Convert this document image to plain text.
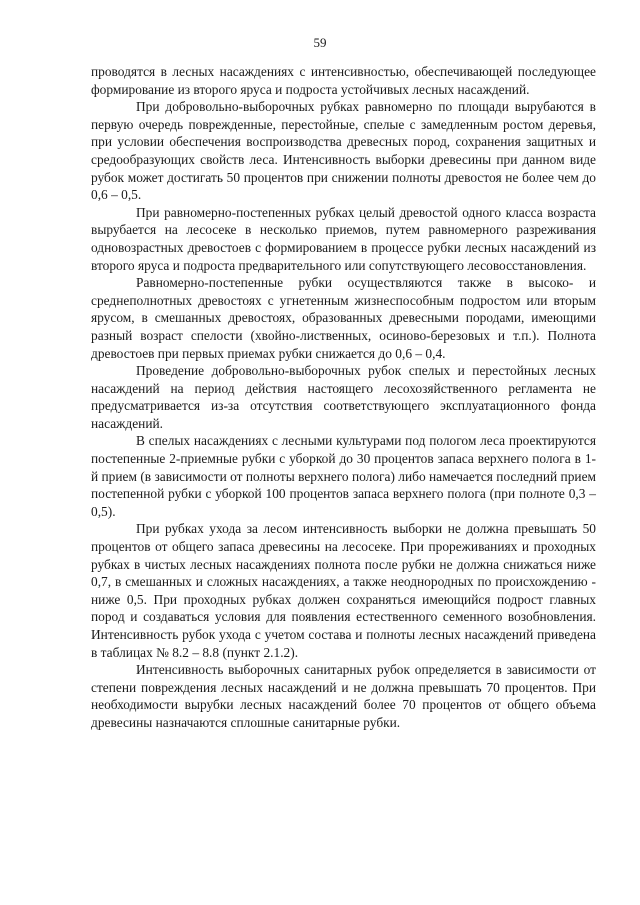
59

проводятся в лесных насаждениях с интенсивностью, обеспечивающей последующее формирование из второго яруса и подроста устойчивых лесных насаждений.

При добровольно-выборочных рубках равномерно по площади вырубаются в первую очередь поврежденные, перестойные, спелые с замедленным ростом деревья, при условии обеспечения воспроизводства древесных пород, сохранения защитных и средообразующих свойств леса. Интенсивность выборки древесины при данном виде рубок может достигать 50 процентов при снижении полноты древостоя не более чем до 0,6 – 0,5.

При равномерно-постепенных рубках целый древостой одного класса возраста вырубается на лесосеке в несколько приемов, путем равномерного разреживания одновозрастных древостоев с формированием в процессе рубки лесных насаждений из второго яруса и подроста предварительного или сопутствующего лесовосстановления.

Равномерно-постепенные рубки осуществляются также в высоко- и среднеполнотных древостоях с угнетенным жизнеспособным подростом или вторым ярусом, в смешанных древостоях, образованных древесными породами, имеющими разный возраст спелости (хвойно-лиственных, осиново-березовых и т.п.). Полнота древостоев при первых приемах рубки снижается до 0,6 – 0,4.

Проведение добровольно-выборочных рубок спелых и перестойных лесных насаждений на период действия настоящего лесохозяйственного регламента не предусматривается из-за отсутствия соответствующего эксплуатационного фонда насаждений.

В спелых насаждениях с лесными культурами под пологом леса проектируются постепенные 2-приемные рубки с уборкой до 30 процентов запаса верхнего полога в 1-й прием (в зависимости от полноты верхнего полога) либо намечается последний прием постепенной рубки с уборкой 100 процентов запаса верхнего полога (при полноте 0,3 – 0,5).

При рубках ухода за лесом интенсивность выборки не должна превышать 50 процентов от общего запаса древесины на лесосеке. При прореживаниях и проходных рубках в чистых лесных насаждениях полнота после рубки не должна снижаться ниже 0,7, в смешанных и сложных насаждениях, а также неоднородных по происхождению - ниже 0,5. При проходных рубках должен сохраняться имеющийся подрост главных пород и создаваться условия для появления естественного семенного возобновления. Интенсивность рубок ухода с учетом состава и полноты лесных насаждений приведена в таблицах № 8.2 – 8.8 (пункт 2.1.2).

Интенсивность выборочных санитарных рубок определяется в зависимости от степени повреждения лесных насаждений и не должна превышать 70 процентов. При необходимости вырубки лесных насаждений более 70 процентов от общего объема древесины назначаются сплошные санитарные рубки.
